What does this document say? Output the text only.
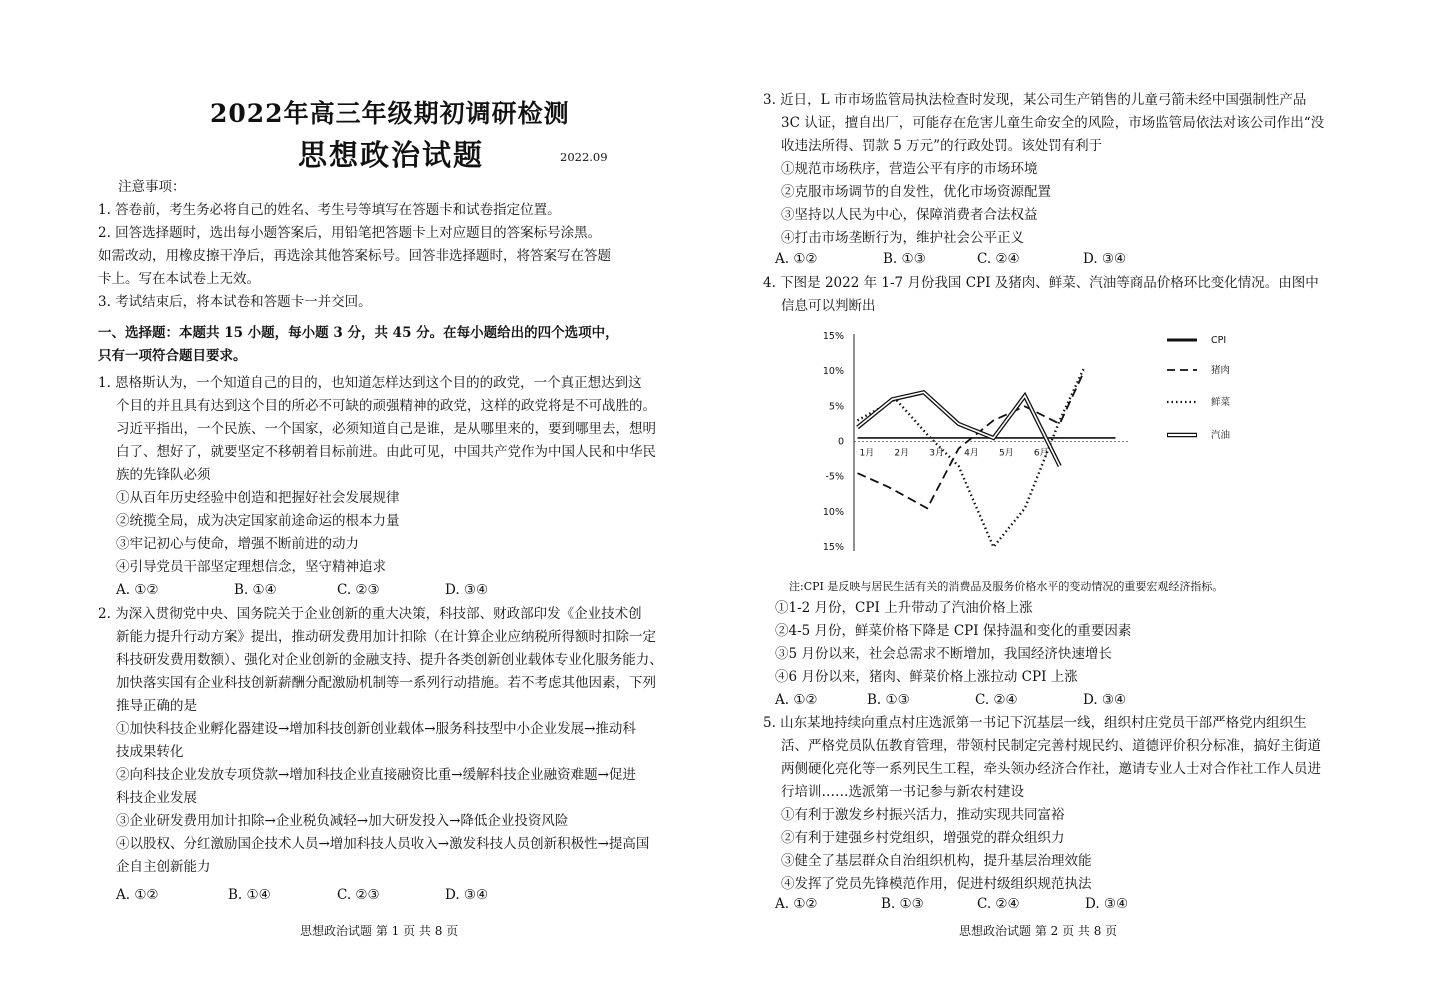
2022年高三年级期初调研检测
思想政治试题	2022.09
注意事项：
1. 答卷前，考生务必将自己的姓名、考生号等填写在答题卡和试卷指定位置。
2. 回答选择题时，选出每小题答案后，用铅笔把答题卡上对应题目的答案标号涂黑。
如需改动，用橡皮擦干净后，再选涂其他答案标号。回答非选择题时，将答案写在答题
卡上。写在本试卷上无效。
3. 考试结束后，将本试卷和答题卡一并交回。
一、选择题：本题共 15 小题，每小题 3 分，共 45 分。在每小题给出的四个选项中，
只有一项符合题目要求。
1. 恩格斯认为，一个知道自己的目的，也知道怎样达到这个目的的政党，一个真正想达到这
个目的并且具有达到这个目的所必不可缺的顽强精神的政党，这样的政党将是不可战胜的。
习近平指出，一个民族、一个国家，必须知道自己是谁，是从哪里来的，要到哪里去，想明
白了、想好了，就要坚定不移朝着目标前进。由此可见，中国共产党作为中国人民和中华民
族的先锋队必须
①从百年历史经验中创造和把握好社会发展规律
②统揽全局，成为决定国家前途命运的根本力量
③牢记初心与使命，增强不断前进的动力
④引导党员干部坚定理想信念，坚守精神追求
A. ①②	B. ①④	C. ②③	D. ③④
2. 为深入贯彻党中央、国务院关于企业创新的重大决策，科技部、财政部印发《企业技术创
新能力提升行动方案》提出，推动研发费用加计扣除（在计算企业应纳税所得额时扣除一定
科技研发费用数额）、强化对企业创新的金融支持、提升各类创新创业载体专业化服务能力、
加快落实国有企业科技创新薪酬分配激励机制等一系列行动措施。若不考虑其他因素，下列
推导正确的是
①加快科技企业孵化器建设→增加科技创新创业载体→服务科技型中小企业发展→推动科
技成果转化
②向科技企业发放专项贷款→增加科技企业直接融资比重→缓解科技企业融资难题→促进
科技企业发展
③企业研发费用加计扣除→企业税负减轻→加大研发投入→降低企业投资风险
④以股权、分红激励国企技术人员→增加科技人员收入→激发科技人员创新积极性→提高国
企自主创新能力
A. ①②	B. ①④	C. ②③	D. ③④
思想政治试题 第 1 页 共 8 页
3. 近日，L 市市场监管局执法检查时发现，某公司生产销售的儿童弓箭未经中国强制性产品
3C 认证，擅自出厂，可能存在危害儿童生命安全的风险，市场监管局依法对该公司作出“没
收违法所得、罚款 5 万元”的行政处罚。该处罚有利于
①规范市场秩序，营造公平有序的市场环境
②克服市场调节的自发性，优化市场资源配置
③坚持以人民为中心，保障消费者合法权益
④打击市场垄断行为，维护社会公平正义
A. ①②	B. ①③	C. ②④	D. ③④
4. 下图是 2022 年 1-7 月份我国 CPI 及猪肉、鲜菜、汽油等商品价格环比变化情况。由图中
信息可以判断出
15%
10%
5%
0
-5%
10%
15%
1月 2月 3月 4月 5月 6月
CPI
猪肉
鲜菜
汽油
注:CPI 是反映与居民生活有关的消费品及服务价格水平的变动情况的重要宏观经济指标。
①1-2 月份，CPI 上升带动了汽油价格上涨
②4-5 月份，鲜菜价格下降是 CPI 保持温和变化的重要因素
③5 月份以来，社会总需求不断增加，我国经济快速增长
④6 月份以来，猪肉、鲜菜价格上涨拉动 CPI 上涨
A. ①②	B. ①③	C. ②④	D. ③④
5. 山东某地持续向重点村庄选派第一书记下沉基层一线，组织村庄党员干部严格党内组织生
活、严格党员队伍教育管理，带领村民制定完善村规民约、道德评价积分标准，搞好主街道
两侧硬化亮化等一系列民生工程，牵头领办经济合作社，邀请专业人士对合作社工作人员进
行培训……选派第一书记参与新农村建设
①有利于激发乡村振兴活力，推动实现共同富裕
②有利于建强乡村党组织，增强党的群众组织力
③健全了基层群众自治组织机构，提升基层治理效能
④发挥了党员先锋模范作用，促进村级组织规范执法
A. ①②	B. ①③	C. ②④	D. ③④
思想政治试题 第 2 页 共 8 页
